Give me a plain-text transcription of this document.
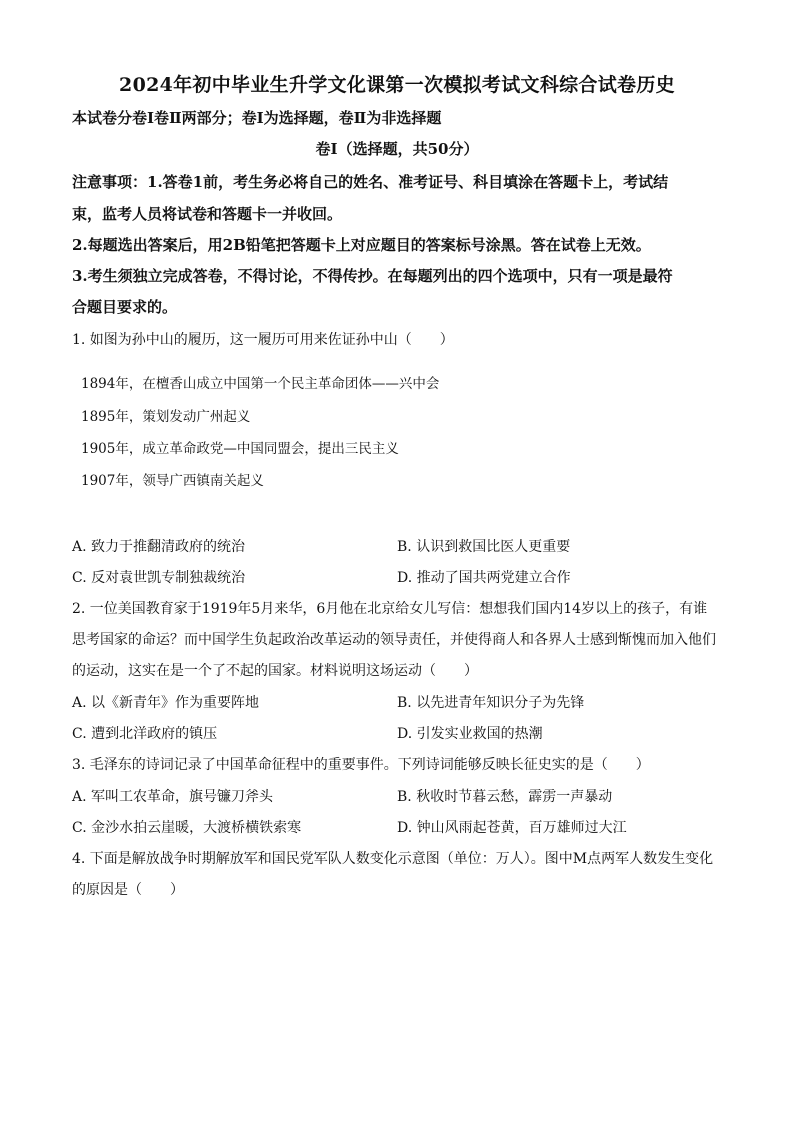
2024年初中毕业生升学文化课第一次模拟考试文科综合试卷历史
本试卷分卷Ⅰ卷Ⅱ两部分；卷Ⅰ为选择题，卷Ⅱ为非选择题
卷Ⅰ（选择题，共50分）
注意事项：1.答卷1前，考生务必将自己的姓名、准考证号、科目填涂在答题卡上，考试结
束，监考人员将试卷和答题卡一并收回。
2.每题选出答案后，用2B铅笔把答题卡上对应题目的答案标号涂黑。答在试卷上无效。
3.考生须独立完成答卷，不得讨论，不得传抄。在每题列出的四个选项中，只有一项是最符
合题目要求的。
1. 如图为孙中山的履历，这一履历可用来佐证孙中山（　　）
1894年，在檀香山成立中国第一个民主革命团体——兴中会
1895年，策划发动广州起义
1905年，成立革命政党—中国同盟会，提出三民主义
1907年，领导广西镇南关起义
A. 致力于推翻清政府的统治	B. 认识到救国比医人更重要
C. 反对袁世凯专制独裁统治	D. 推动了国共两党建立合作
2. 一位美国教育家于1919年5月来华，6月他在北京给女儿写信：想想我们国内14岁以上的孩子，有谁
思考国家的命运？而中国学生负起政治改革运动的领导责任，并使得商人和各界人士感到惭愧而加入他们
的运动，这实在是一个了不起的国家。材料说明这场运动（　　）
A. 以《新青年》作为重要阵地	B. 以先进青年知识分子为先锋
C. 遭到北洋政府的镇压	D. 引发实业救国的热潮
3. 毛泽东的诗词记录了中国革命征程中的重要事件。下列诗词能够反映长征史实的是（　　）
A. 军叫工农革命，旗号镰刀斧头	B. 秋收时节暮云愁，霹雳一声暴动
C. 金沙水拍云崖暖，大渡桥横铁索寒	D. 钟山风雨起苍黄，百万雄师过大江
4. 下面是解放战争时期解放军和国民党军队人数变化示意图（单位：万人）。图中M点两军人数发生变化
的原因是（　　）
